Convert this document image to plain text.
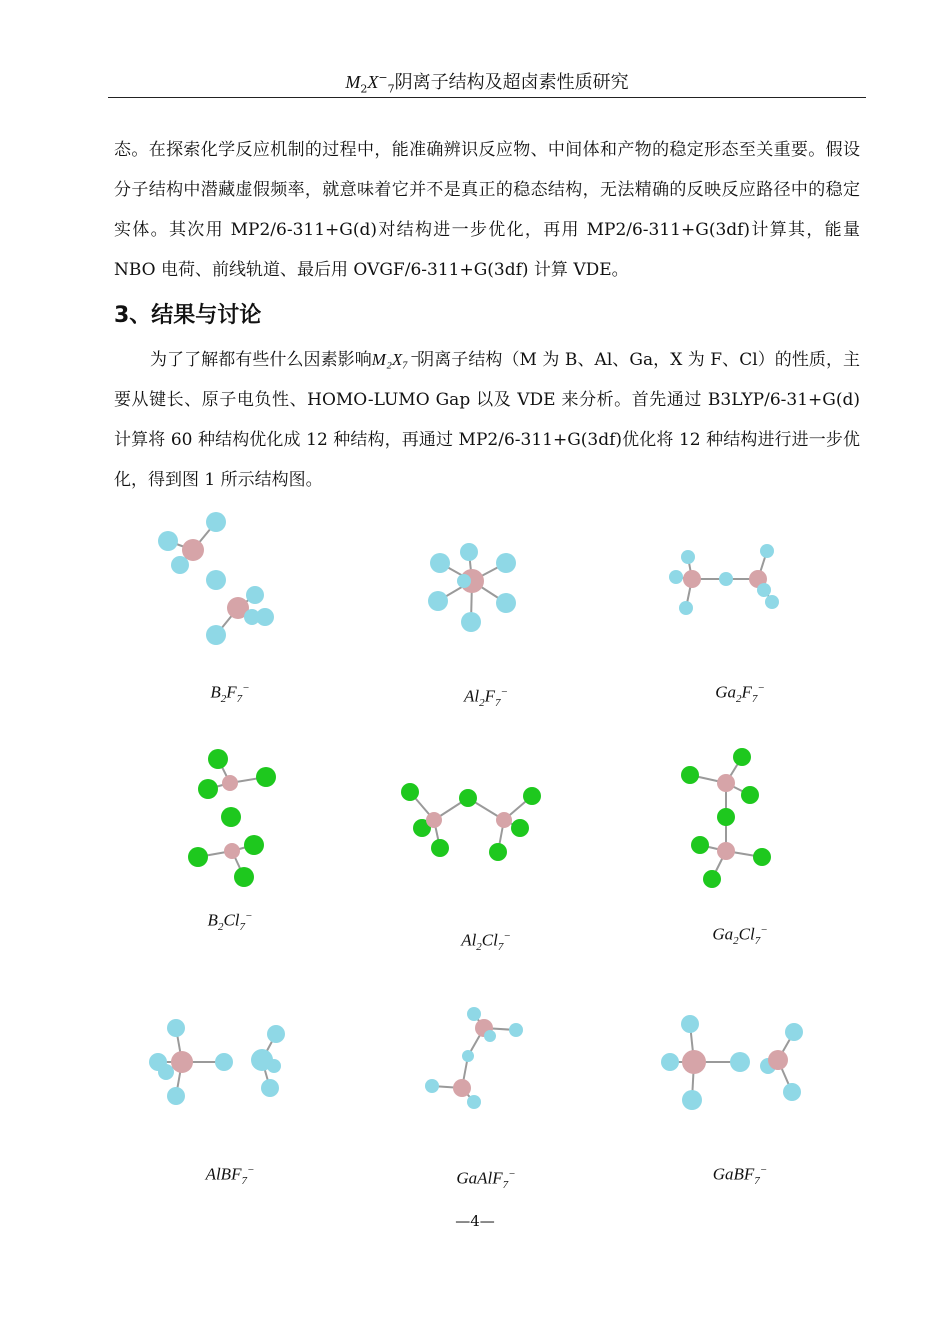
$M_2X^-_7$阴离子结构及超卤素性质研究
态。在探索化学反应机制的过程中，能准确辨识反应物、中间体和产物的稳定形态至关重要。假设分子结构中潜藏虚假频率，就意味着它并不是真正的稳态结构，无法精确的反映反应路径中的稳定实体。其次用 MP2/6-311+G(d)对结构进一步优化，再用 MP2/6-311+G(3df)计算其，能量 NBO 电荷、前线轨道、最后用 OVGF/6-311+G(3df) 计算 VDE。
3、结果与讨论
为了了解都有些什么因素影响M₂X₇⁻阴离子结构（M 为 B、Al、Ga，X 为 F、Cl）的性质，主要从键长、原子电负性、HOMO-LUMO Gap 以及 VDE 来分析。首先通过 B3LYP/6-31+G(d)计算将 60 种结构优化成 12 种结构，再通过 MP2/6-311+G(3df)优化将 12 种结构进行进一步优化，得到图 1 所示结构图。
$B_2F_7^-$	$Al_2F_7^-$	$Ga_2F_7^-$
$B_2Cl_7^-$
$Al_2Cl_7^-$	$Ga_2Cl_7^-$
AlBF$_7$−	GaAlF$_7$−	GaBF$_7$−
—4—
